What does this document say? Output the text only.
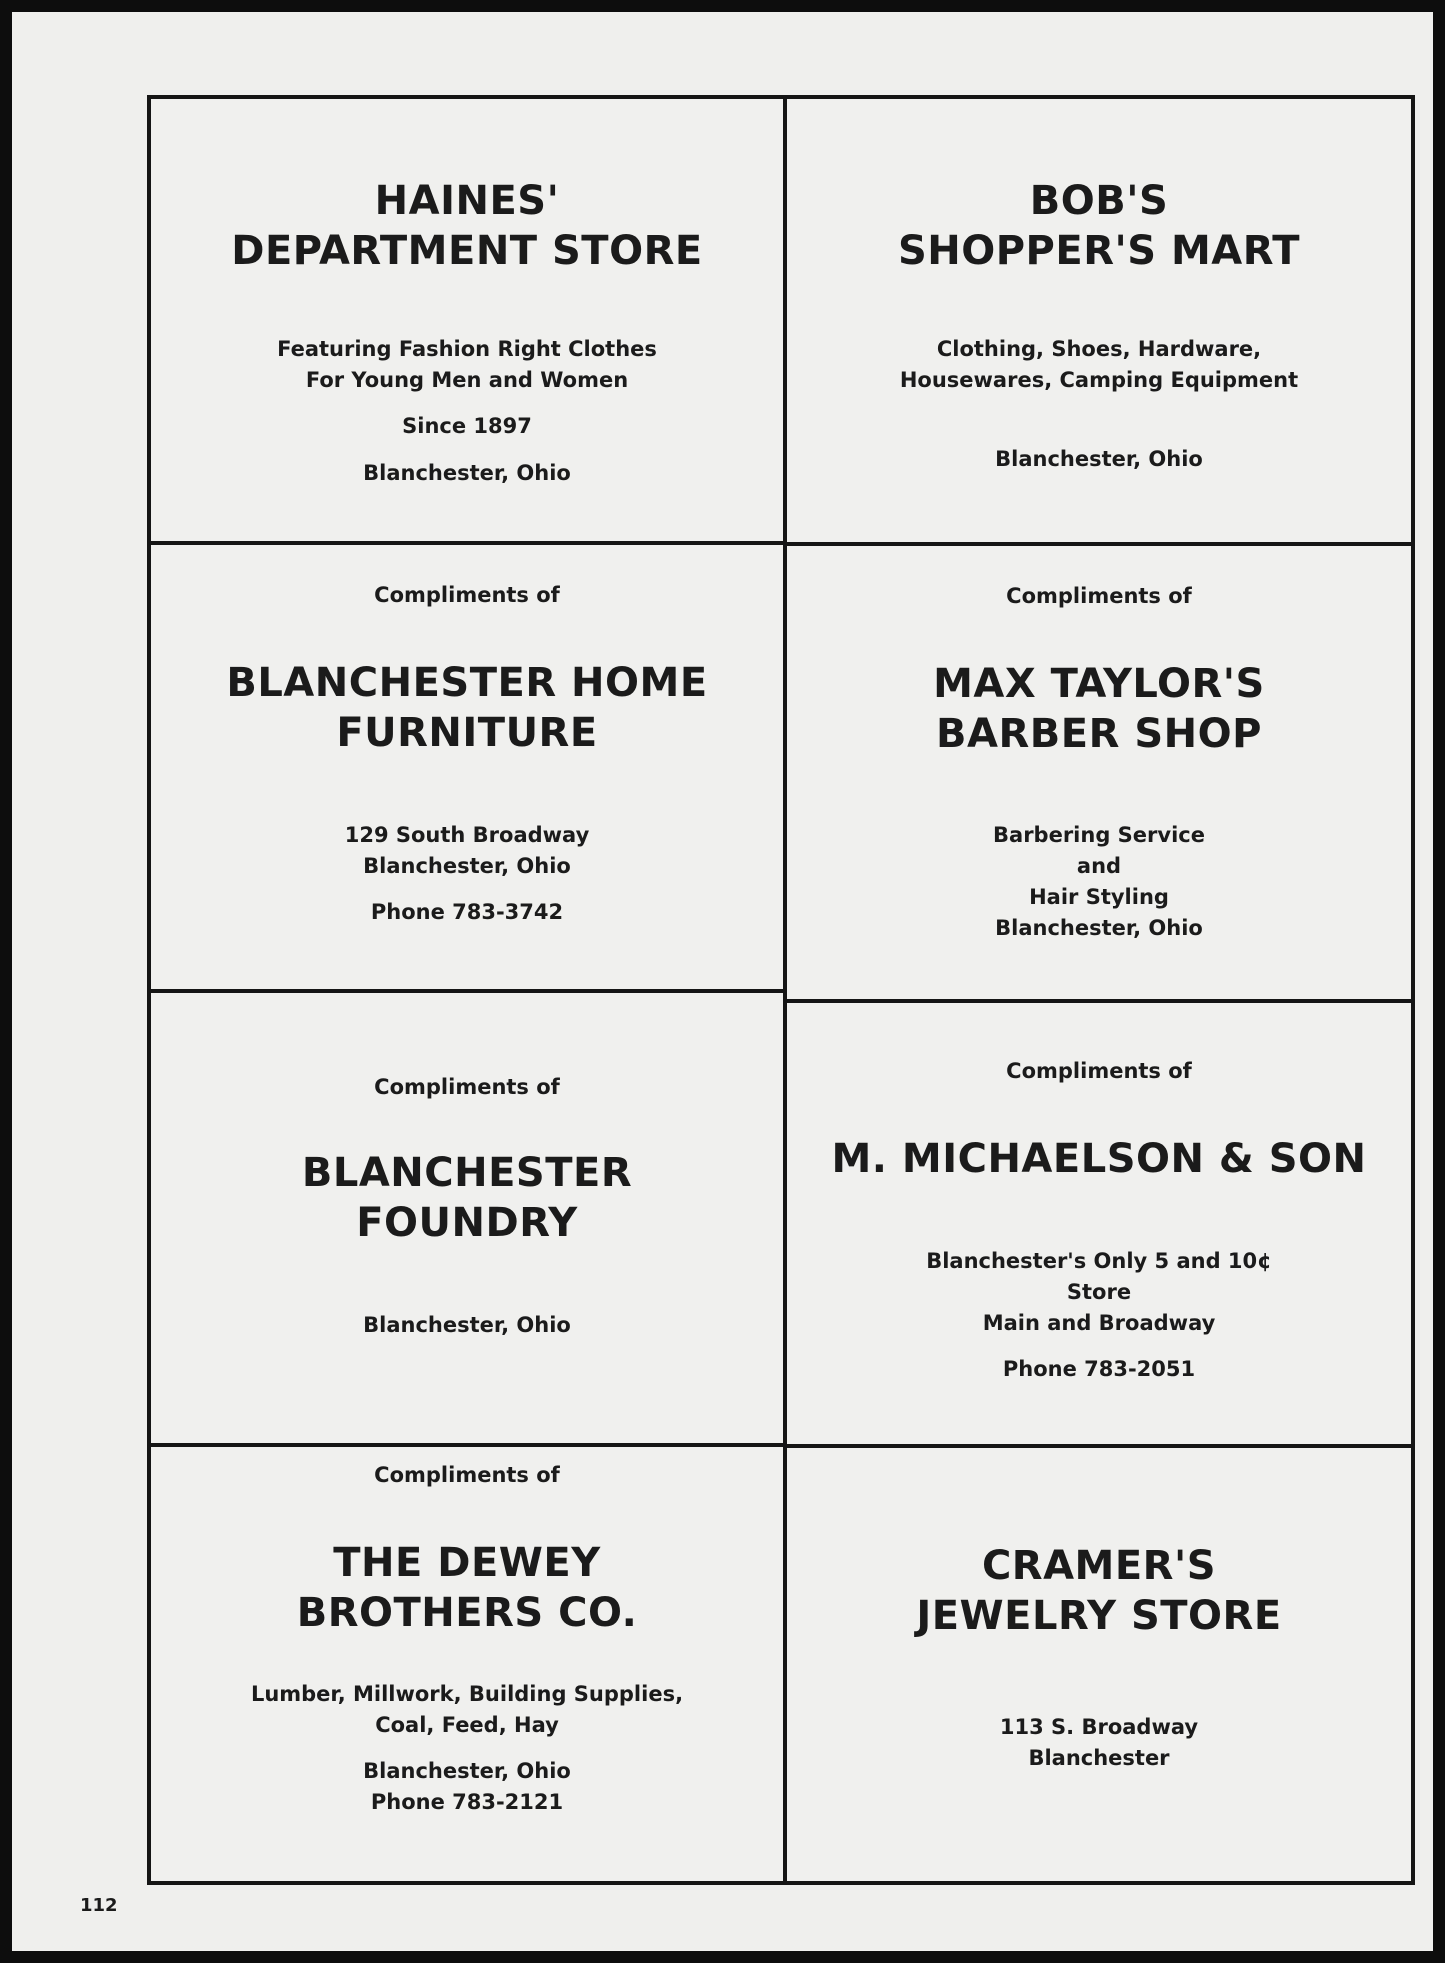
HAINES'

DEPARTMENT STORE

Featuring Fashion Right Clothes

For Young Men and Women

Since 1897

Blanchester, Ohio

BOB'S

SHOPPER'S MART

Clothing, Shoes, Hardware,

Housewares, Camping Equipment

Blanchester, Ohio

Compliments of

BLANCHESTER HOME

FURNITURE

129 South Broadway

Blanchester, Ohio

Phone 783-3742

Compliments of

MAX TAYLOR'S

BARBER SHOP

Barbering Service

and

Hair Styling

Blanchester, Ohio

Compliments of

BLANCHESTER

FOUNDRY

Blanchester, Ohio

Compliments of

M. MICHAELSON & SON

Blanchester's Only 5 and 10¢

Store

Main and Broadway

Phone 783-2051

Compliments of

THE DEWEY

BROTHERS CO.

Lumber, Millwork, Building Supplies,

Coal, Feed, Hay

Blanchester, Ohio

Phone 783-2121

CRAMER'S

JEWELRY STORE

113 S. Broadway

Blanchester

112
